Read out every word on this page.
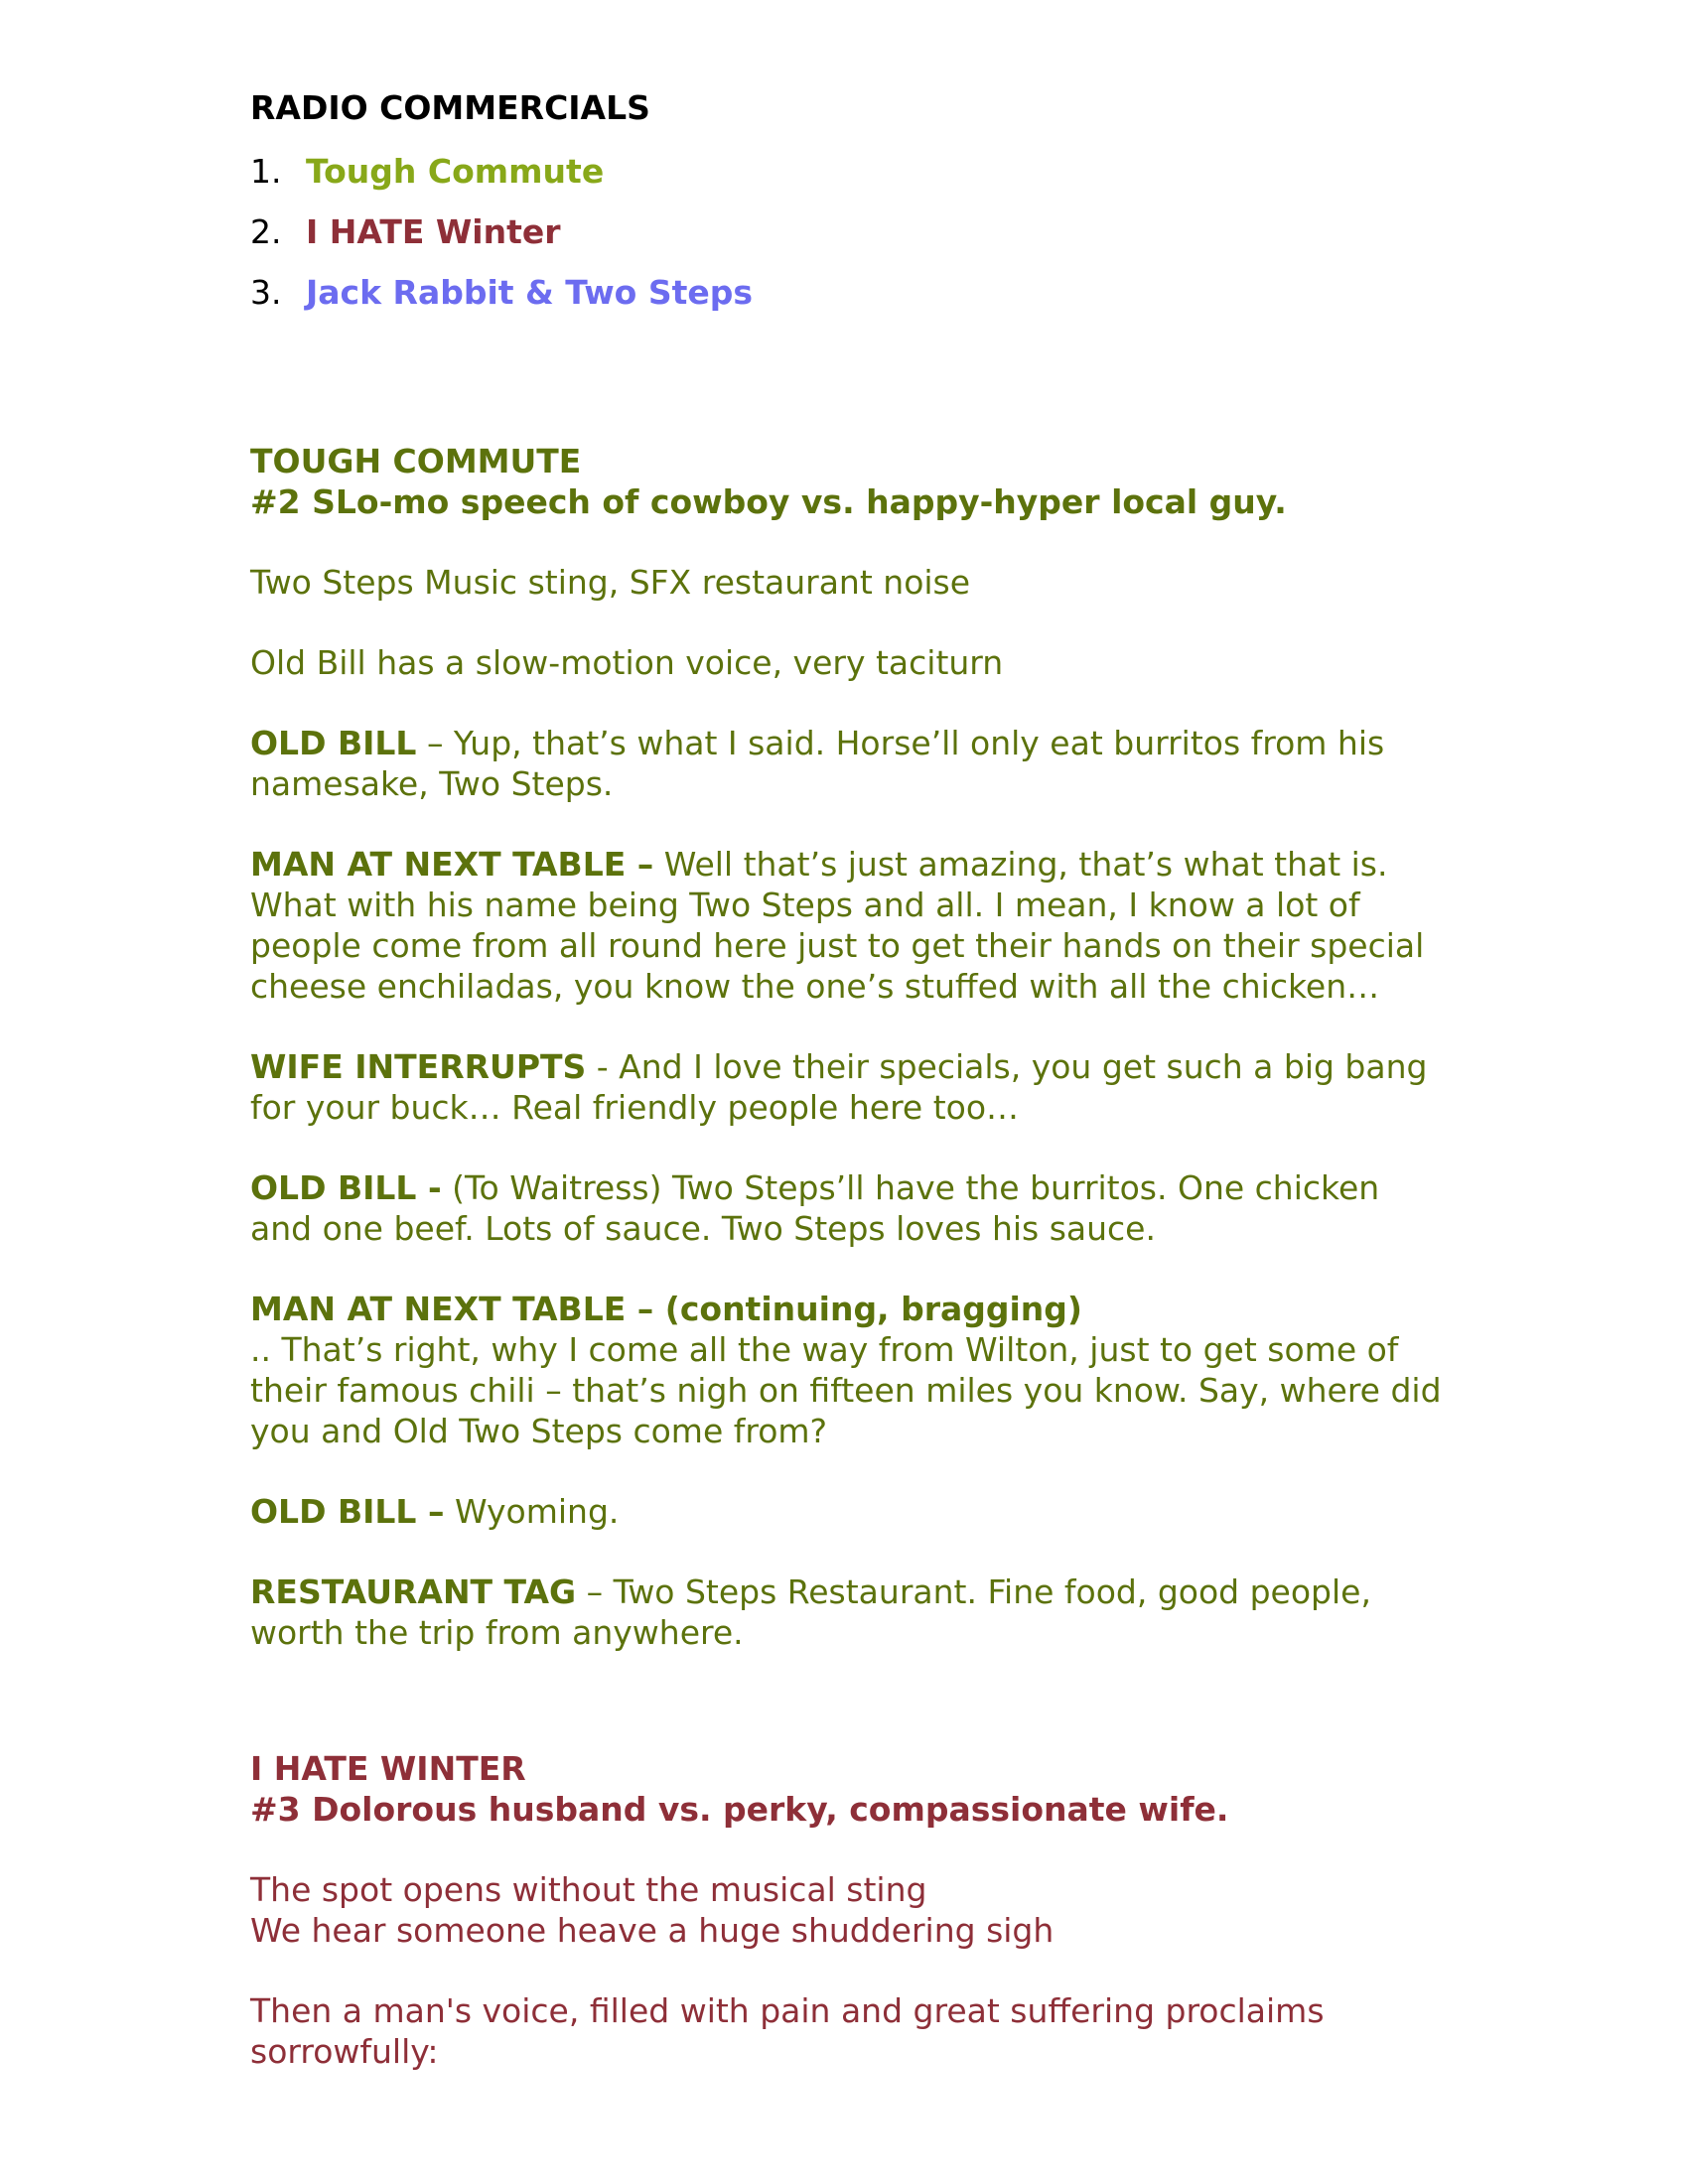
RADIO COMMERCIALS
1. Tough Commute
2. I HATE Winter
3. Jack Rabbit & Two Steps
TOUGH COMMUTE
#2 SLo-mo speech of cowboy vs. happy-hyper local guy.

Two Steps Music sting, SFX restaurant noise

Old Bill has a slow-motion voice, very taciturn

OLD BILL – Yup, that’s what I said. Horse’ll only eat burritos from his namesake, Two Steps.

MAN AT NEXT TABLE – Well that’s just amazing, that’s what that is. What with his name being Two Steps and all. I mean, I know a lot of people come from all round here just to get their hands on their special cheese enchiladas, you know the one’s stuffed with all the chicken…

WIFE INTERRUPTS - And I love their specials, you get such a big bang for your buck… Real friendly people here too…

OLD BILL - (To Waitress) Two Steps’ll have the burritos. One chicken and one beef. Lots of sauce. Two Steps loves his sauce.

MAN AT NEXT TABLE – (continuing, bragging)
.. That’s right, why I come all the way from Wilton, just to get some of their famous chili – that’s nigh on fifteen miles you know. Say, where did you and Old Two Steps come from?

OLD BILL – Wyoming.

RESTAURANT TAG – Two Steps Restaurant. Fine food, good people, worth the trip from anywhere.

I HATE WINTER
#3 Dolorous husband vs. perky, compassionate wife.

The spot opens without the musical sting

We hear someone heave a huge shuddering sigh

Then a man's voice, filled with pain and great suffering proclaims sorrowfully:
